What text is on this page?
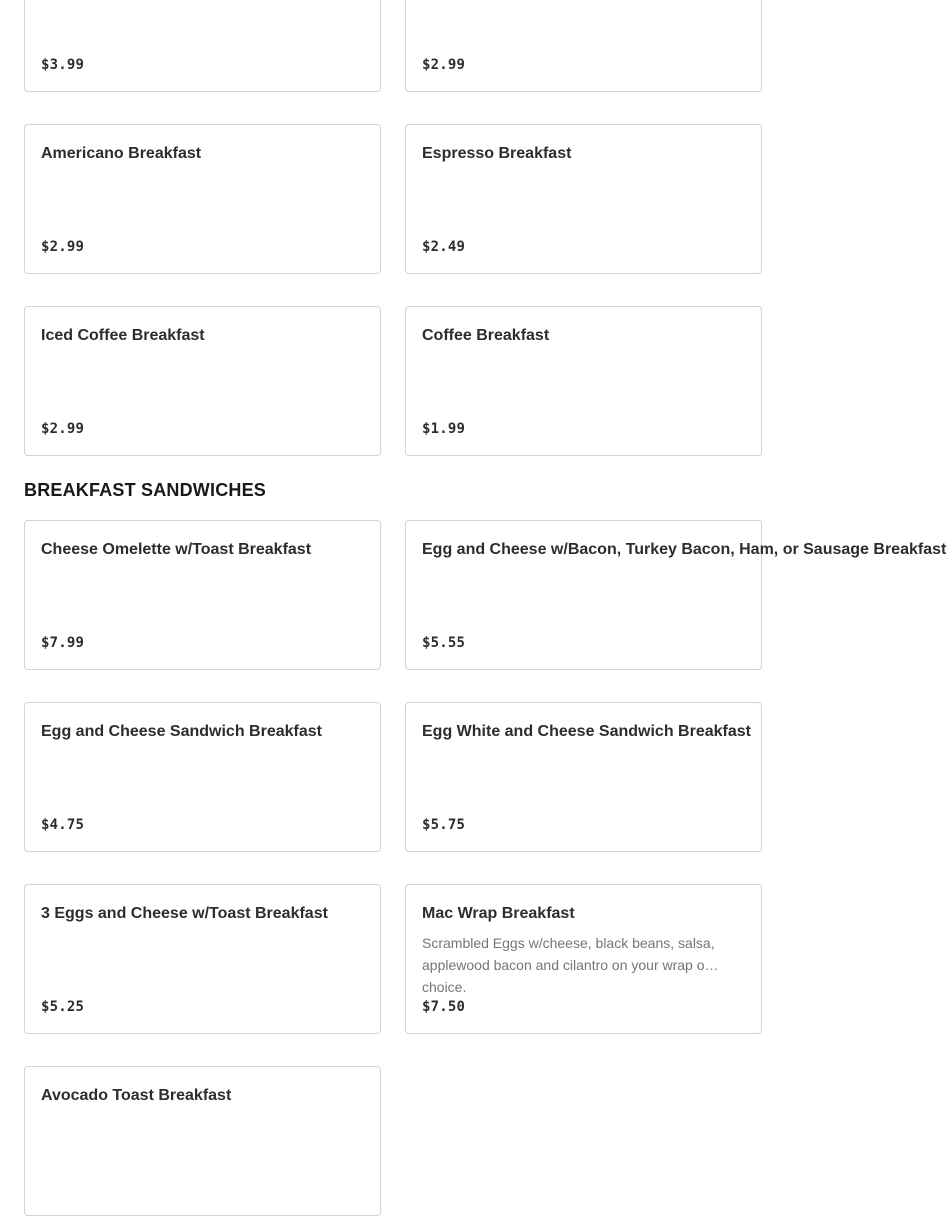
$3.99	$2.99
Americano Breakfast
$2.99
Espresso Breakfast
$2.49
Iced Coffee Breakfast
$2.99
Coffee Breakfast
$1.99
BREAKFAST SANDWICHES
Cheese Omelette w/Toast Breakfast
$7.99
Egg and Cheese w/Bacon, Turkey Bacon, Ham, or Sausage Breakfast
$5.55
Egg and Cheese Sandwich Breakfast
$4.75
Egg White and Cheese Sandwich Breakfast
$5.75
3 Eggs and Cheese w/Toast Breakfast
$5.25
Mac Wrap Breakfast
Scrambled Eggs w/cheese, black beans, salsa, applewood bacon and cilantro on your wrap of choice.
$7.50
Avocado Toast Breakfast
